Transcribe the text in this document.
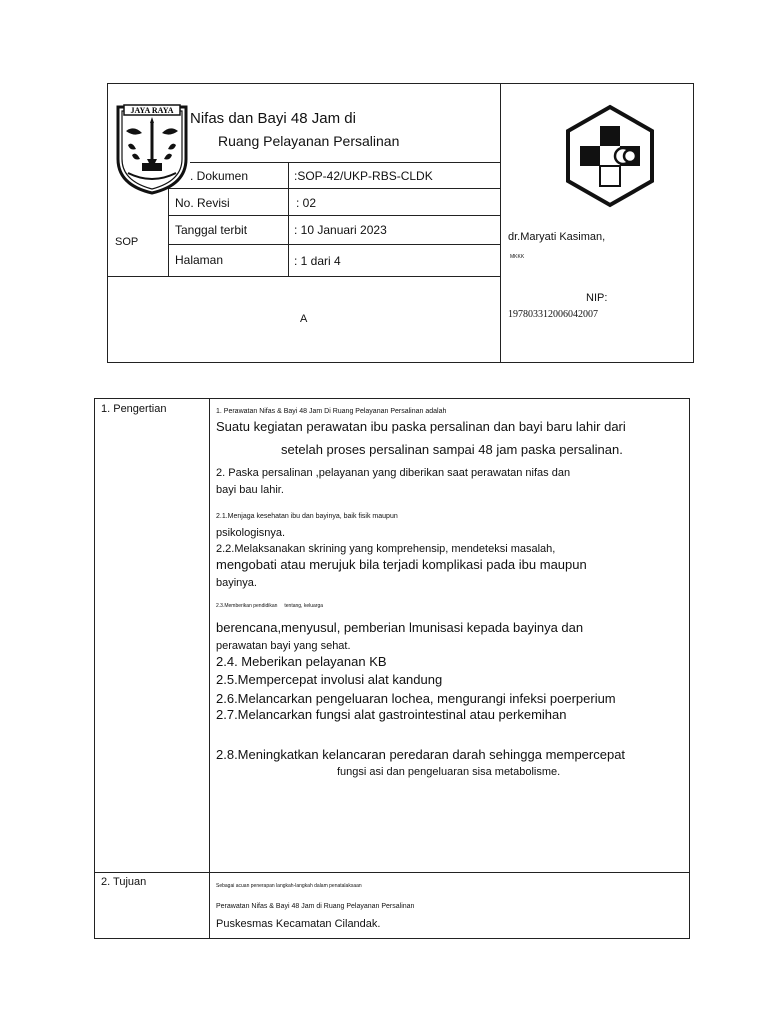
JAYA RAYA Nifas dan Bayi 48 Jam di
Ruang Pelayanan Persalinan
. Dokumen	:SOP-42/UKP-RBS-CLDK
No. Revisi	: 02
Tanggal terbit	: 10 Januari 2023
Halaman	: 1 dari 4
SOP
A
dr.Maryati Kasiman,
MKKK
NIP:
197803312006042007
1. Pengertian	1. Perawatan Nifas & Bayi 48 Jam Di Ruang Pelayanan Persalinan adalah
Suatu kegiatan perawatan ibu paska persalinan dan bayi baru lahir dari
setelah proses persalinan sampai 48 jam paska persalinan.
2. Paska persalinan ,pelayanan yang diberikan saat perawatan nifas dan
bayi bau lahir.
2.1.Menjaga kesehatan ibu dan bayinya, baik fisik maupun
psikologisnya.
2.2.Melaksanakan skrining yang komprehensip, mendeteksi masalah,
mengobati atau merujuk bila terjadi komplikasi pada ibu maupun
bayinya.
2.3.Memberikan pendidikan     tentang, keluarga
berencana,menyusul, pemberian lmunisasi kepada bayinya dan
perawatan bayi yang sehat.
2.4. Meberikan pelayanan KB
2.5.Mempercepat involusi alat kandung
2.6.Melancarkan pengeluaran lochea, mengurangi infeksi poerperium
2.7.Melancarkan fungsi alat gastrointestinal atau perkemihan
2.8.Meningkatkan kelancaran peredaran darah sehingga mempercepat
fungsi asi dan pengeluaran sisa metabolisme.
2. Tujuan	Sebagai acuan penerapan langkah-langkah dalam penatalaksaan
Perawatan Nifas & Bayi 48 Jam di Ruang Pelayanan Persalinan
Puskesmas Kecamatan Cilandak.
